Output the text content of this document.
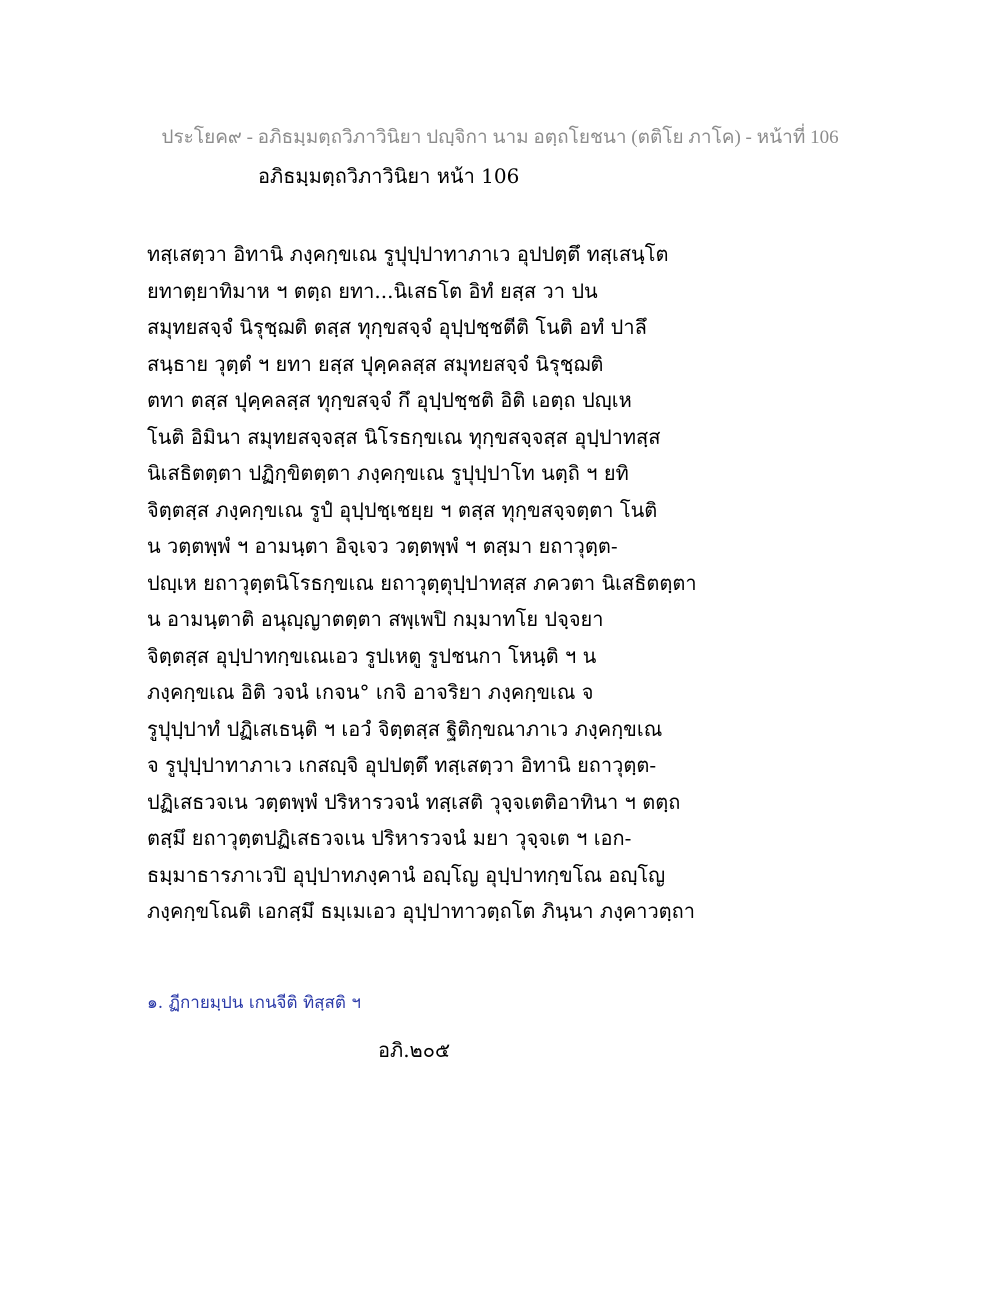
ประโยค๙ - อภิธมฺมตฺถวิภาวินิยา ปญฺจิกา นาม อตฺถโยชนา (ตติโย ภาโค) - หน้าที่ 106
อภิธมฺมตฺถวิภาวินิยา หน้า 106
ทสฺเสตฺวา อิทานิ ภงฺคกฺขเณ รูปุปฺปาทาภาเว อุปปตฺตึ ทสฺเสนฺโต
ยทาตฺยาทิมาห ฯ ตตฺถ ยทา...นิเสธโต อิทํ ยสฺส วา ปน
สมุทยสจฺจํ นิรุชฺฌติ ตสฺส ทุกฺขสจฺจํ อุปฺปชฺชตีติ โนติ อทํ ปาลึ
สนฺธาย วุตฺตํ ฯ ยทา ยสฺส ปุคฺคลสฺส สมุทยสจฺจํ นิรุชฺฌติ
ตทา ตสฺส ปุคฺคลสฺส ทุกฺขสจฺจํ กึ อุปฺปชฺชติ อิติ เอตฺถ ปญฺเห
โนติ อิมินา สมุทยสจฺจสฺส นิโรธกฺขเณ ทุกฺขสจฺจสฺส อุปฺปาทสฺส
นิเสธิตตฺตา ปฏิกฺขิตตฺตา ภงฺคกฺขเณ รูปุปฺปาโท นตฺถิ ฯ ยทิ
จิตฺตสฺส ภงฺคกฺขเณ รูปํ อุปฺปชฺเชยฺย ฯ ตสฺส ทุกฺขสจฺจตฺตา โนติ
น วตฺตพฺพํ ฯ อามนฺตา อิจฺเจว วตฺตพฺพํ ฯ ตสฺมา ยถาวุตฺต-
ปญฺเห ยถาวุตฺตนิโรธกฺขเณ ยถาวุตฺตุปฺปาทสฺส ภควตา นิเสธิตตฺตา
น อามนฺตาติ อนุญฺญาตตฺตา สพฺเพปิ กมฺมาทโย ปจฺจยา
จิตฺตสฺส อุปฺปาทกฺขเณเอว รูปเหตู รูปชนกา โหนฺติ ฯ น
ภงฺคกฺขเณ อิติ วจนํ เกจน° เกจิ อาจริยา ภงฺคกฺขเณ จ
รูปุปฺปาทํ ปฏิเสเธนฺติ ฯ เอวํ จิตฺตสฺส ฐิติกฺขณาภาเว ภงฺคกฺขเณ
จ รูปุปฺปาทาภาเว เกสญฺจิ อุปปตฺตึ ทสฺเสตฺวา อิทานิ ยถาวุตฺต-
ปฏิเสธวจเน วตฺตพฺพํ ปริหารวจนํ ทสฺเสติ วุจฺจเตติอาทินา ฯ ตตฺถ
ตสฺมึ ยถาวุตฺตปฏิเสธวจเน ปริหารวจนํ มยา วุจฺจเต ฯ เอก-
ธมฺมาธารภาเวปิ อุปฺปาทภงฺคานํ อญฺโญ อุปฺปาทกฺขโณ อญฺโญ
ภงฺคกฺขโณติ เอกสฺมึ ธมฺเมเอว อุปฺปาทาวตฺถโต ภินฺนา ภงฺคาวตฺถา
๑. ฏีกายมฺปน เกนจีติ ทิสฺสติ ฯ
อภิ.๒๐๕
